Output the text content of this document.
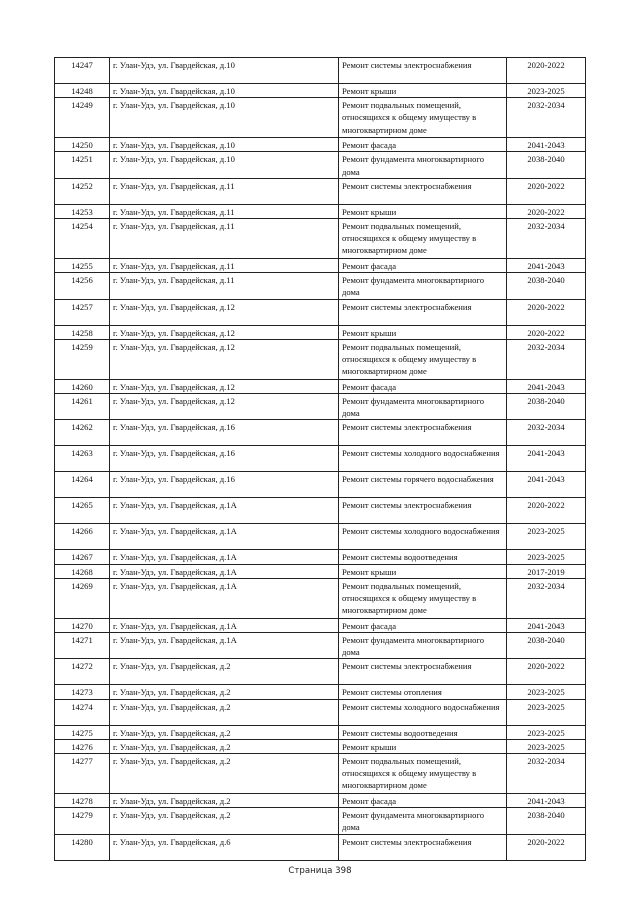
14247	г. Улан-Удэ, ул. Гвардейская, д.10	Ремонт системы электроснабжения	2020-2022
14248	г. Улан-Удэ, ул. Гвардейская, д.10	Ремонт крыши	2023-2025
14249	г. Улан-Удэ, ул. Гвардейская, д.10	Ремонт подвальных помещений, относящихся к общему имуществу в многоквартирном доме	2032-2034
14250	г. Улан-Удэ, ул. Гвардейская, д.10	Ремонт фасада	2041-2043
14251	г. Улан-Удэ, ул. Гвардейская, д.10	Ремонт фундамента многоквартирного дома	2038-2040
14252	г. Улан-Удэ, ул. Гвардейская, д.11	Ремонт системы электроснабжения	2020-2022
14253	г. Улан-Удэ, ул. Гвардейская, д.11	Ремонт крыши	2020-2022
14254	г. Улан-Удэ, ул. Гвардейская, д.11	Ремонт подвальных помещений, относящихся к общему имуществу в многоквартирном доме	2032-2034
14255	г. Улан-Удэ, ул. Гвардейская, д.11	Ремонт фасада	2041-2043
14256	г. Улан-Удэ, ул. Гвардейская, д.11	Ремонт фундамента многоквартирного дома	2038-2040
14257	г. Улан-Удэ, ул. Гвардейская, д.12	Ремонт системы электроснабжения	2020-2022
14258	г. Улан-Удэ, ул. Гвардейская, д.12	Ремонт крыши	2020-2022
14259	г. Улан-Удэ, ул. Гвардейская, д.12	Ремонт подвальных помещений, относящихся к общему имуществу в многоквартирном доме	2032-2034
14260	г. Улан-Удэ, ул. Гвардейская, д.12	Ремонт фасада	2041-2043
14261	г. Улан-Удэ, ул. Гвардейская, д.12	Ремонт фундамента многоквартирного дома	2038-2040
14262	г. Улан-Удэ, ул. Гвардейская, д.16	Ремонт системы электроснабжения	2032-2034
14263	г. Улан-Удэ, ул. Гвардейская, д.16	Ремонт системы холодного водоснабжения	2041-2043
14264	г. Улан-Удэ, ул. Гвардейская, д.16	Ремонт системы горячего водоснабжения	2041-2043
14265	г. Улан-Удэ, ул. Гвардейская, д.1А	Ремонт системы электроснабжения	2020-2022
14266	г. Улан-Удэ, ул. Гвардейская, д.1А	Ремонт системы холодного водоснабжения	2023-2025
14267	г. Улан-Удэ, ул. Гвардейская, д.1А	Ремонт системы водоотведения	2023-2025
14268	г. Улан-Удэ, ул. Гвардейская, д.1А	Ремонт крыши	2017-2019
14269	г. Улан-Удэ, ул. Гвардейская, д.1А	Ремонт подвальных помещений, относящихся к общему имуществу в многоквартирном доме	2032-2034
14270	г. Улан-Удэ, ул. Гвардейская, д.1А	Ремонт фасада	2041-2043
14271	г. Улан-Удэ, ул. Гвардейская, д.1А	Ремонт фундамента многоквартирного дома	2038-2040
14272	г. Улан-Удэ, ул. Гвардейская, д.2	Ремонт системы электроснабжения	2020-2022
14273	г. Улан-Удэ, ул. Гвардейская, д.2	Ремонт системы отопления	2023-2025
14274	г. Улан-Удэ, ул. Гвардейская, д.2	Ремонт системы холодного водоснабжения	2023-2025
14275	г. Улан-Удэ, ул. Гвардейская, д.2	Ремонт системы водоотведения	2023-2025
14276	г. Улан-Удэ, ул. Гвардейская, д.2	Ремонт крыши	2023-2025
14277	г. Улан-Удэ, ул. Гвардейская, д.2	Ремонт подвальных помещений, относящихся к общему имуществу в многоквартирном доме	2032-2034
14278	г. Улан-Удэ, ул. Гвардейская, д.2	Ремонт фасада	2041-2043
14279	г. Улан-Удэ, ул. Гвардейская, д.2	Ремонт фундамента многоквартирного дома	2038-2040
14280	г. Улан-Удэ, ул. Гвардейская, д.6	Ремонт системы электроснабжения	2020-2022
Страница 398
